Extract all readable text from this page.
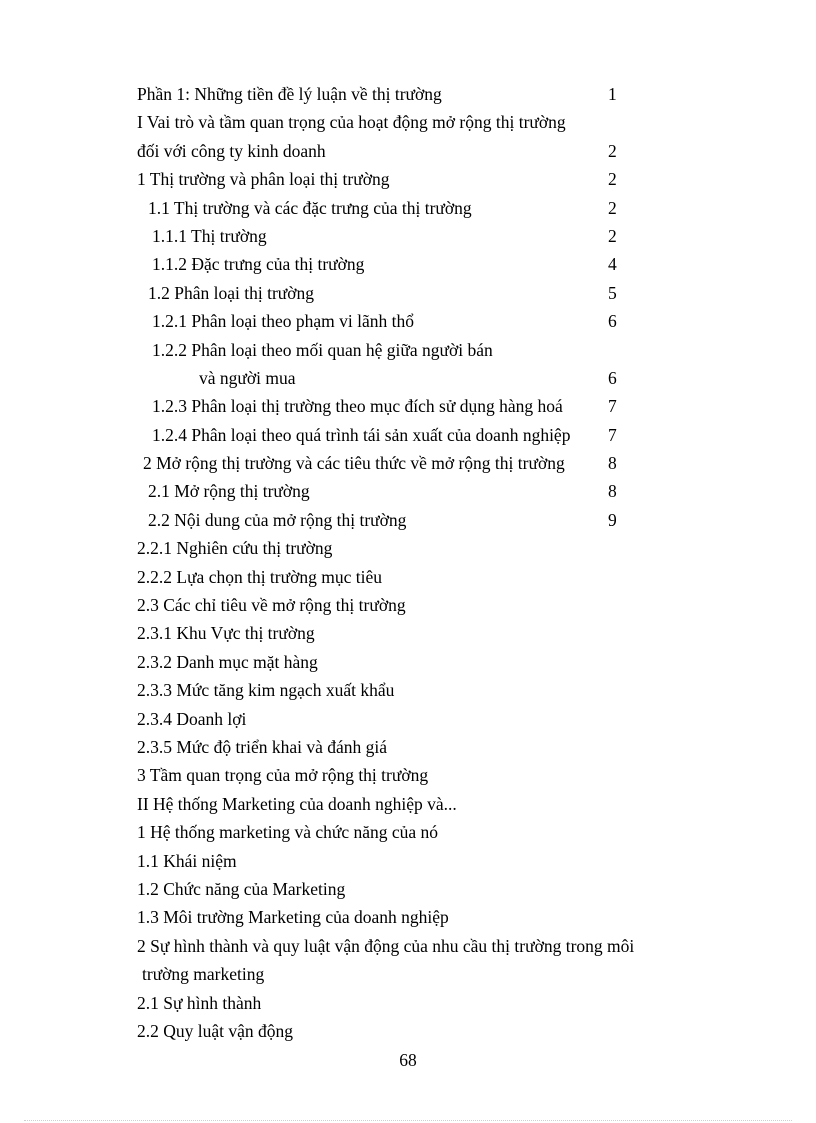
Phần 1: Những tiền đề lý luận về thị trường	1
I Vai trò và tầm quan trọng của hoạt động mở rộng thị trường
đối với công ty kinh doanh	2
1 Thị trường và phân loại thị trường	2
1.1 Thị trường và các đặc trưng của thị trường	2
1.1.1 Thị trường	2
1.1.2 Đặc trưng của thị trường	4
1.2 Phân loại thị trường	5
1.2.1 Phân loại theo phạm vi lãnh thổ	6
1.2.2 Phân loại theo mối quan hệ giữa người bán
và người mua	6
1.2.3 Phân loại thị trường theo mục đích sử dụng hàng hoá	7
1.2.4 Phân loại theo quá trình tái sản xuất của doanh nghiệp 7
2 Mở rộng thị trường và các tiêu thức về mở rộng thị trường 8
2.1 Mở rộng thị trường	8
2.2 Nội dung của mở rộng thị trường	9
2.2.1 Nghiên cứu thị trường
2.2.2 Lựa chọn thị trường mục tiêu
2.3 Các chỉ tiêu về mở rộng thị trường
2.3.1 Khu Vực thị trường
2.3.2 Danh mục mặt hàng
2.3.3 Mức tăng kim ngạch xuất khẩu
2.3.4 Doanh lợi
2.3.5 Mức độ triển khai và đánh giá
3 Tầm quan trọng của mở rộng thị trường
II Hệ thống Marketing của doanh nghiệp và...
1 Hệ thống marketing và chức năng của nó
1.1 Khái niệm
1.2 Chức năng của Marketing
1.3 Môi trường Marketing của doanh nghiệp
2 Sự hình thành và quy luật vận động của nhu cầu thị trường trong môi
trường marketing
2.1 Sự hình thành
2.2 Quy luật vận động
68
